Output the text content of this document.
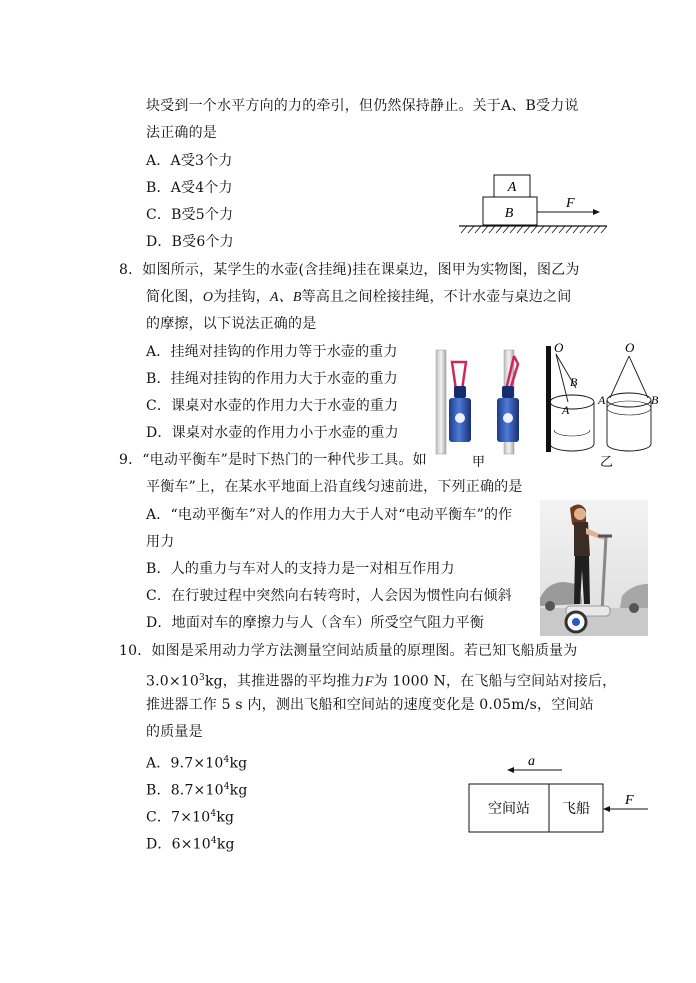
块受到一个水平方向的力的牵引，但仍然保持静止。关于A、B受力说
法正确的是
A．A受3个力
B．A受4个力
C．B受5个力
D．B受6个力
A
B
F
8．如图所示，某学生的水壶(含挂绳)挂在课桌边，图甲为实物图，图乙为
简化图，O为挂钩，A、B等高且之间栓接挂绳，不计水壶与桌边之间
的摩擦，以下说法正确的是
A．挂绳对挂钩的作用力等于水壶的重力
B．挂绳对挂钩的作用力大于水壶的重力
C．课桌对水壶的作用力大于水壶的重力
D．课桌对水壶的作用力小于水壶的重力
甲
O
B
A
O
A	B
乙
9．“电动平衡车”是时下热门的一种代步工具。如
平衡车”上，在某水平地面上沿直线匀速前进，下列正确的是
A．“电动平衡车”对人的作用力大于人对“电动平衡车”的作
用力
B．人的重力与车对人的支持力是一对相互作用力
C．在行驶过程中突然向右转弯时，人会因为惯性向右倾斜
D．地面对车的摩擦力与人（含车）所受空气阻力平衡
10．如图是采用动力学方法测量空间站质量的原理图。若已知飞船质量为
$3.0\times 10^3kg$，其推进器的平均推力F为 1000 N，在飞船与空间站对接后，
推进器工作 5 s 内，测出飞船和空间站的速度变化是 0.05m/s，空间站
的质量是
A．$9.7\times 10^4kg$
B．$8.7\times 10^4kg$
C．$7\times 10^4kg$
D．$6\times 10^4kg$
a
空间站 飞船
F
